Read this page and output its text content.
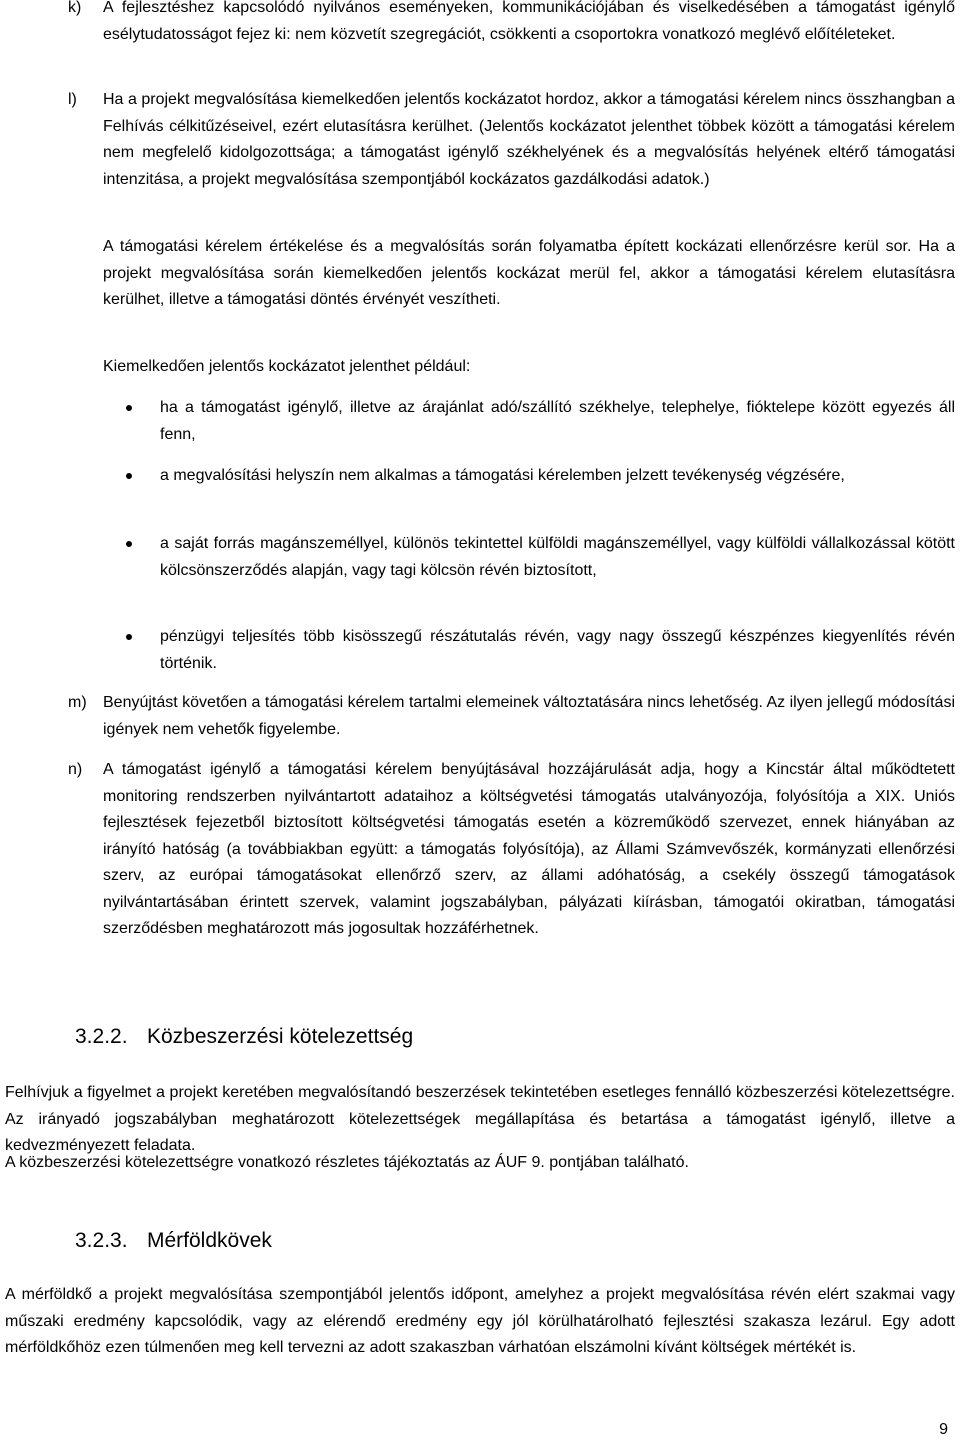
k) A fejlesztéshez kapcsolódó nyilvános eseményeken, kommunikációjában és viselkedésében a támogatást igénylő esélytudatosságot fejez ki: nem közvetít szegregációt, csökkenti a csoportokra vonatkozó meglévő előítéleteket.

l) Ha a projekt megvalósítása kiemelkedően jelentős kockázatot hordoz, akkor a támogatási kérelem nincs összhangban a Felhívás célkitűzéseivel, ezért elutasításra kerülhet. (Jelentős kockázatot jelenthet többek között a támogatási kérelem nem megfelelő kidolgozottsága; a támogatást igénylő székhelyének és a megvalósítás helyének eltérő támogatási intenzitása, a projekt megvalósítása szempontjából kockázatos gazdálkodási adatok.)

A támogatási kérelem értékelése és a megvalósítás során folyamatba épített kockázati ellenőrzésre kerül sor. Ha a projekt megvalósítása során kiemelkedően jelentős kockázat merül fel, akkor a támogatási kérelem elutasításra kerülhet, illetve a támogatási döntés érvényét veszítheti.

Kiemelkedően jelentős kockázatot jelenthet például:

ha a támogatást igénylő, illetve az árajánlat adó/szállító székhelye, telephelye, fióktelepe között egyezés áll fenn,

a megvalósítási helyszín nem alkalmas a támogatási kérelemben jelzett tevékenység végzésére,

a saját forrás magánszeméllyel, különös tekintettel külföldi magánszeméllyel, vagy külföldi vállalkozással kötött kölcsönszerződés alapján, vagy tagi kölcsön révén biztosított,

pénzügyi teljesítés több kisösszegű részátutalás révén, vagy nagy összegű készpénzes kiegyenlítés révén történik.

m) Benyújtást követően a támogatási kérelem tartalmi elemeinek változtatására nincs lehetőség. Az ilyen jellegű módosítási igények nem vehetők figyelembe.

n) A támogatást igénylő a támogatási kérelem benyújtásával hozzájárulását adja, hogy a Kincstár által működtetett monitoring rendszerben nyilvántartott adataihoz a költségvetési támogatás utalványozója, folyósítója a XIX. Uniós fejlesztések fejezetből biztosított költségvetési támogatás esetén a közreműködő szervezet, ennek hiányában az irányító hatóság (a továbbiakban együtt: a támogatás folyósítója), az Állami Számvevőszék, kormányzati ellenőrzési szerv, az európai támogatásokat ellenőrző szerv, az állami adóhatóság, a csekély összegű támogatások nyilvántartásában érintett szervek, valamint jogszabályban, pályázati kiírásban, támogatói okiratban, támogatási szerződésben meghatározott más jogosultak hozzáférhetnek.

3.2.2. Közbeszerzési kötelezettség

Felhívjuk a figyelmet a projekt keretében megvalósítandó beszerzések tekintetében esetleges fennálló közbeszerzési kötelezettségre. Az irányadó jogszabályban meghatározott kötelezettségek megállapítása és betartása a támogatást igénylő, illetve a kedvezményezett feladata.

A közbeszerzési kötelezettségre vonatkozó részletes tájékoztatás az ÁUF 9. pontjában található.

3.2.3. Mérföldkövek

A mérföldkő a projekt megvalósítása szempontjából jelentős időpont, amelyhez a projekt megvalósítása révén elért szakmai vagy műszaki eredmény kapcsolódik, vagy az elérendő eredmény egy jól körülhatárolható fejlesztési szakasza lezárul. Egy adott mérföldkőhöz ezen túlmenően meg kell tervezni az adott szakaszban várhatóan elszámolni kívánt költségek mértékét is.

9
